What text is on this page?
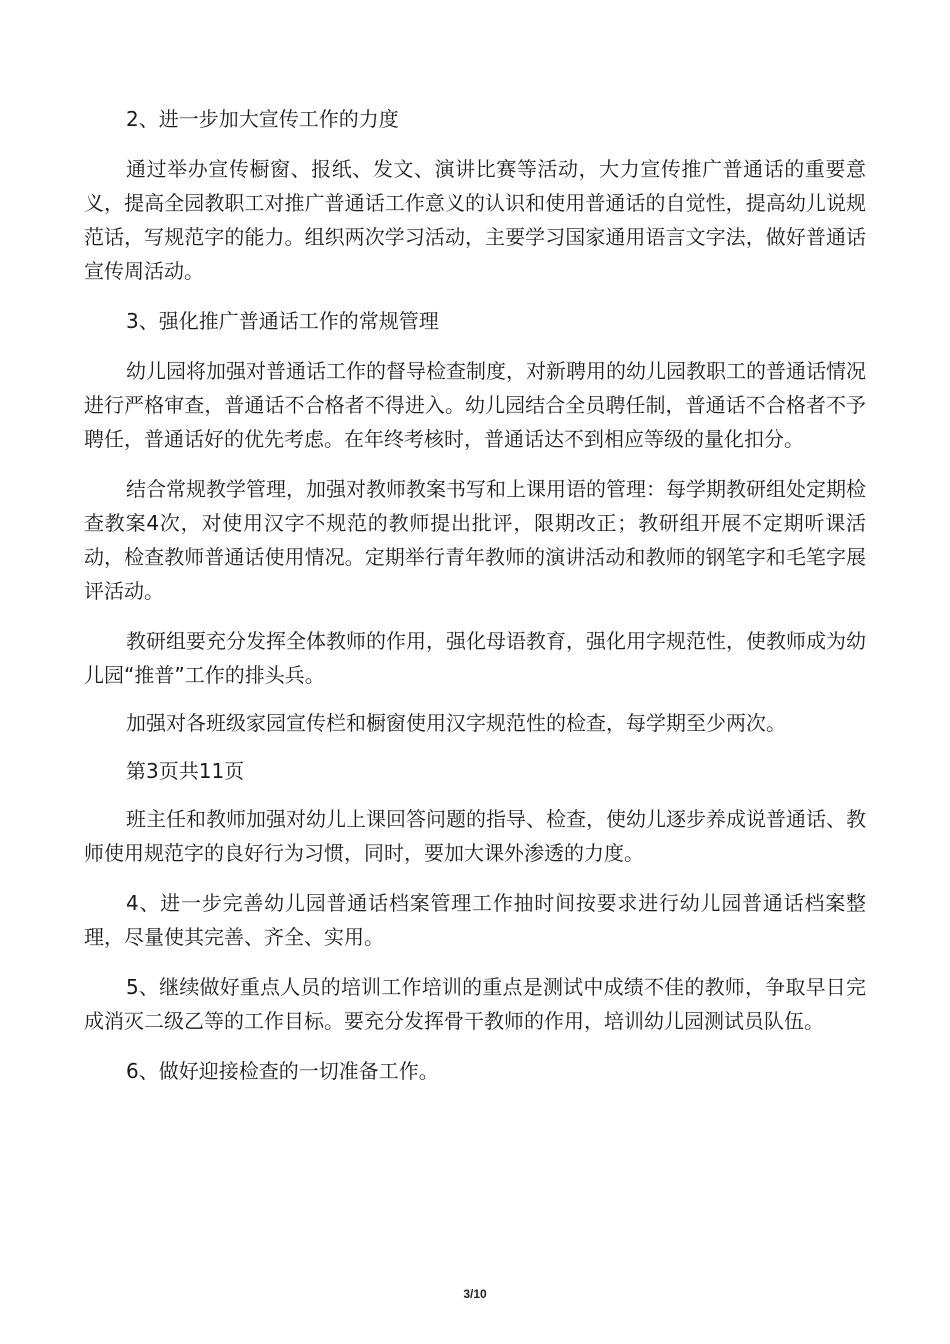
2、进一步加大宣传工作的力度

通过举办宣传橱窗、报纸、发文、演讲比赛等活动，大力宣传推广普通话的重要意义，提高全园教职工对推广普通话工作意义的认识和使用普通话的自觉性，提高幼儿说规范话，写规范字的能力。组织两次学习活动，主要学习国家通用语言文字法，做好普通话宣传周活动。

3、强化推广普通话工作的常规管理

幼儿园将加强对普通话工作的督导检查制度，对新聘用的幼儿园教职工的普通话情况进行严格审查，普通话不合格者不得进入。幼儿园结合全员聘任制，普通话不合格者不予聘任，普通话好的优先考虑。在年终考核时，普通话达不到相应等级的量化扣分。

结合常规教学管理，加强对教师教案书写和上课用语的管理：每学期教研组处定期检查教案4次，对使用汉字不规范的教师提出批评，限期改正；教研组开展不定期听课活动，检查教师普通话使用情况。定期举行青年教师的演讲活动和教师的钢笔字和毛笔字展评活动。

教研组要充分发挥全体教师的作用，强化母语教育，强化用字规范性，使教师成为幼儿园“推普”工作的排头兵。

加强对各班级家园宣传栏和橱窗使用汉字规范性的检查，每学期至少两次。

第3页共11页

班主任和教师加强对幼儿上课回答问题的指导、检查，使幼儿逐步养成说普通话、教师使用规范字的良好行为习惯，同时，要加大课外渗透的力度。

4、进一步完善幼儿园普通话档案管理工作抽时间按要求进行幼儿园普通话档案整理，尽量使其完善、齐全、实用。

5、继续做好重点人员的培训工作培训的重点是测试中成绩不佳的教师，争取早日完成消灭二级乙等的工作目标。要充分发挥骨干教师的作用，培训幼儿园测试员队伍。

6、做好迎接检查的一切准备工作。

3/10
